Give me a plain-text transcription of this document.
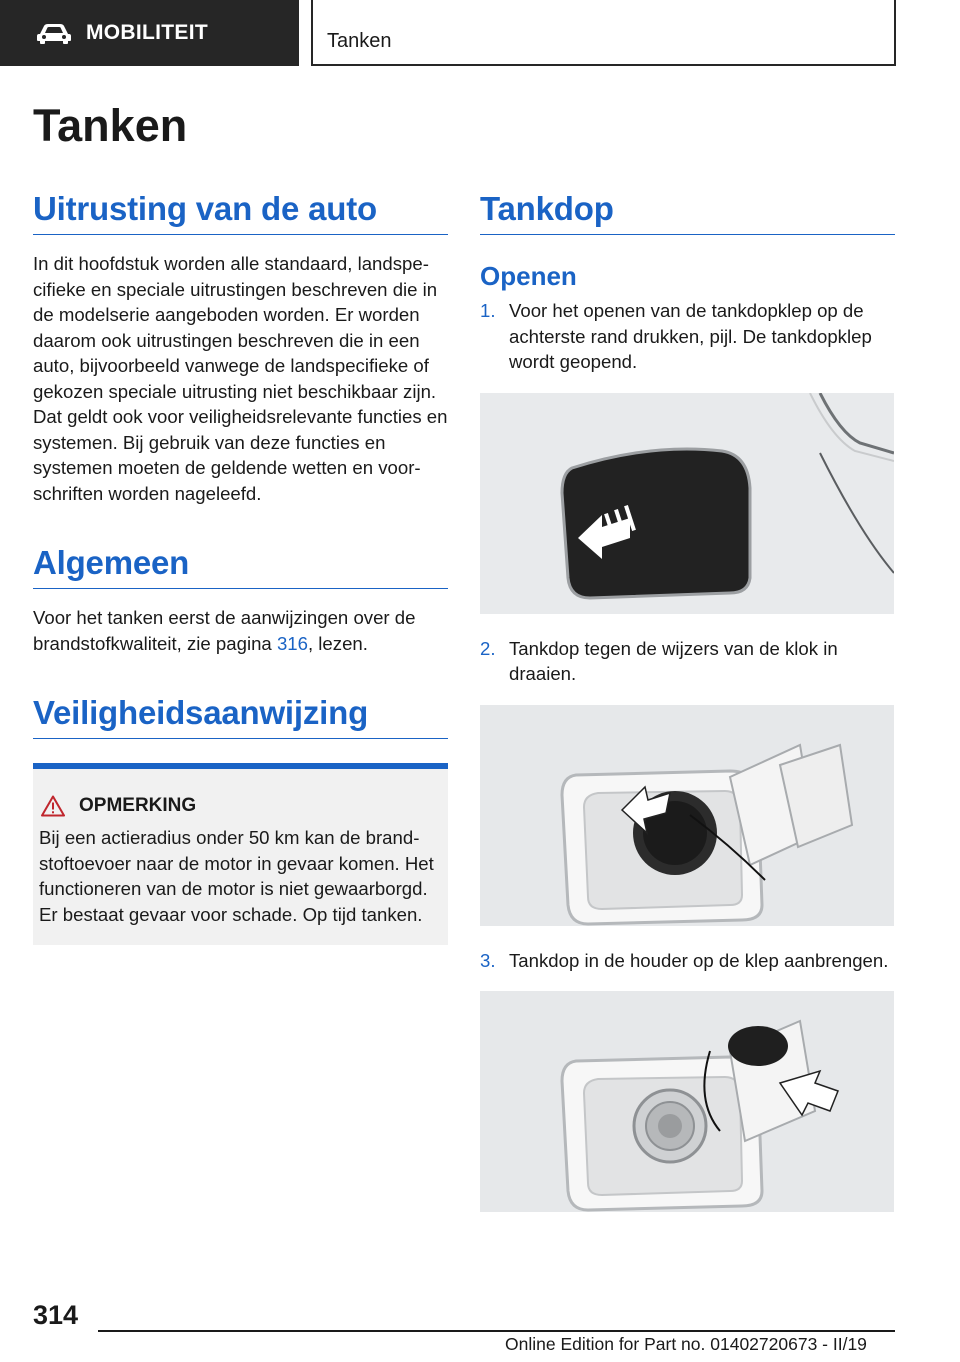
MOBILITEIT	Tanken
Tanken
Uitrusting van de auto

In dit hoofdstuk worden alle standaard, landspecifieke en speciale uitrustingen beschreven die in de modelserie aangeboden worden. Er worden daarom ook uitrustingen beschreven die in een auto, bijvoorbeeld vanwege de landspecifieke of gekozen speciale uitrusting niet beschikbaar zijn. Dat geldt ook voor veiligheidsrelevante functies en systemen. Bij gebruik van deze functies en systemen moeten de geldende wetten en voorschriften worden nageleefd.

Algemeen

Voor het tanken eerst de aanwijzingen over de brandstofkwaliteit, zie pagina 316, lezen.

Veiligheidsaanwijzing
OPMERKING

Bij een actieradius onder 50 km kan de brandstoftoevoer naar de motor in gevaar komen. Het functioneren van de motor is niet gewaarborgd. Er bestaat gevaar voor schade. Op tijd tanken.

Tankdop
Openen
1. Voor het openen van de tankdopklep op de achterste rand drukken, pijl. De tankdopklep wordt geopend.
2. Tankdop tegen de wijzers van de klok in draaien.
3. Tankdop in de houder op de klep aanbrengen.
314
Online Edition for Part no. 01402720673 - II/19
